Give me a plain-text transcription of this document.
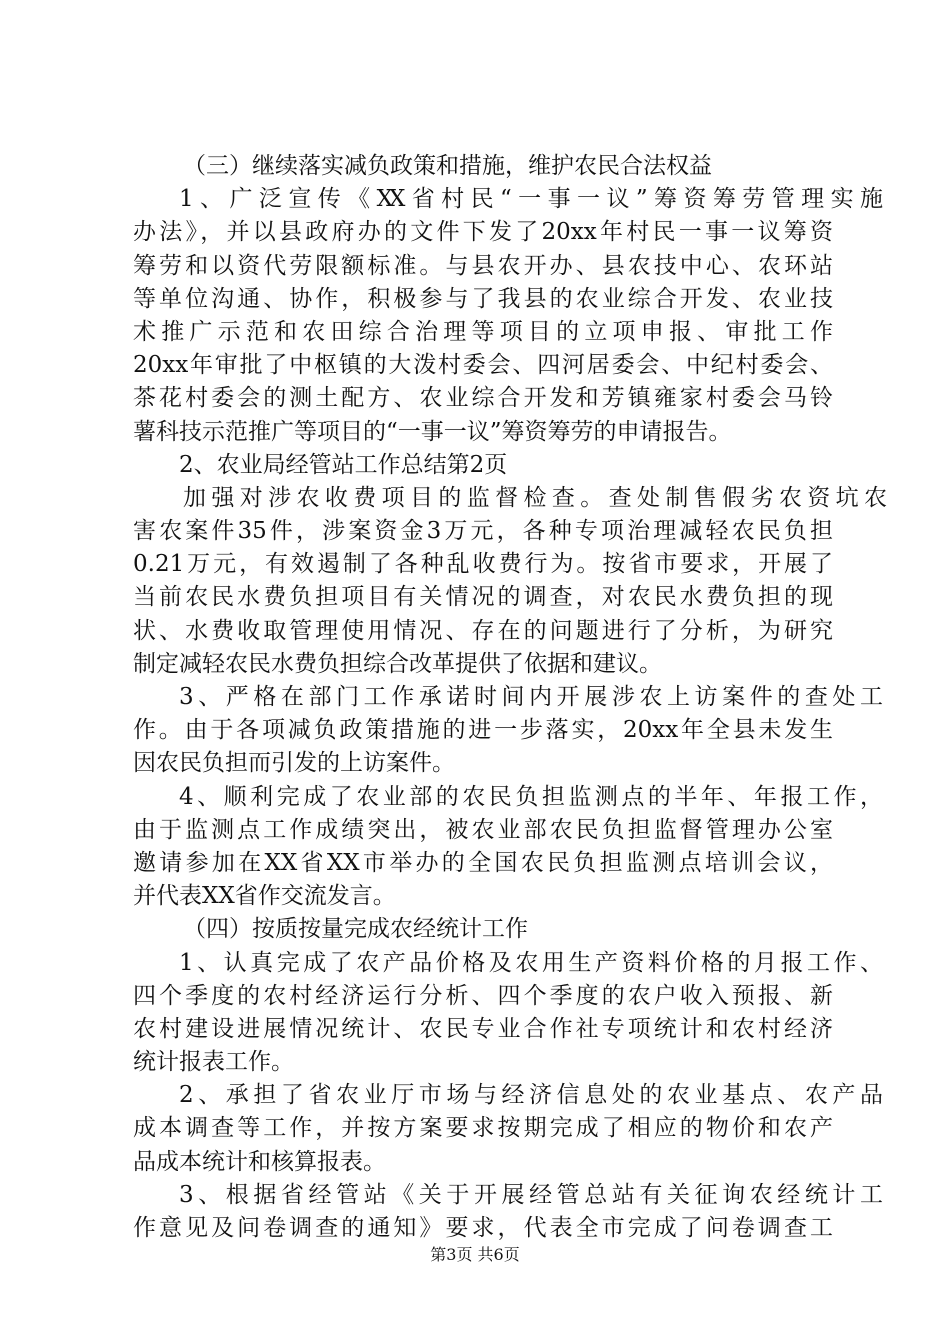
（三）继续落实减负政策和措施，维护农民合法权益
1、广泛宣传《XX省村民“一事一议”筹资筹劳管理实施
办法》，并以县政府办的文件下发了20xx年村民一事一议筹资
筹劳和以资代劳限额标准。与县农开办、县农技中心、农环站
等单位沟通、协作，积极参与了我县的农业综合开发、农业技
术推广示范和农田综合治理等项目的立项申报、审批工作
20xx年审批了中枢镇的大泼村委会、四河居委会、中纪村委会、
茶花村委会的测土配方、农业综合开发和芳镇雍家村委会马铃
薯科技示范推广等项目的“一事一议”筹资筹劳的申请报告。
2、农业局经管站工作总结第2页
加强对涉农收费项目的监督检查。查处制售假劣农资坑农
害农案件35件，涉案资金3万元，各种专项治理减轻农民负担
0.21万元，有效遏制了各种乱收费行为。按省市要求，开展了
当前农民水费负担项目有关情况的调查，对农民水费负担的现
状、水费收取管理使用情况、存在的问题进行了分析，为研究
制定减轻农民水费负担综合改革提供了依据和建议。
3、严格在部门工作承诺时间内开展涉农上访案件的查处工
作。由于各项减负政策措施的进一步落实，20xx年全县未发生
因农民负担而引发的上访案件。
4、顺利完成了农业部的农民负担监测点的半年、年报工作，
由于监测点工作成绩突出，被农业部农民负担监督管理办公室
邀请参加在XX省XX市举办的全国农民负担监测点培训会议，
并代表XX省作交流发言。
（四）按质按量完成农经统计工作
1、认真完成了农产品价格及农用生产资料价格的月报工作、
四个季度的农村经济运行分析、四个季度的农户收入预报、新
农村建设进展情况统计、农民专业合作社专项统计和农村经济
统计报表工作。
2、承担了省农业厅市场与经济信息处的农业基点、农产品
成本调查等工作，并按方案要求按期完成了相应的物价和农产
品成本统计和核算报表。
3、根据省经管站《关于开展经管总站有关征询农经统计工
作意见及问卷调查的通知》要求，代表全市完成了问卷调查工
第3页 共6页
